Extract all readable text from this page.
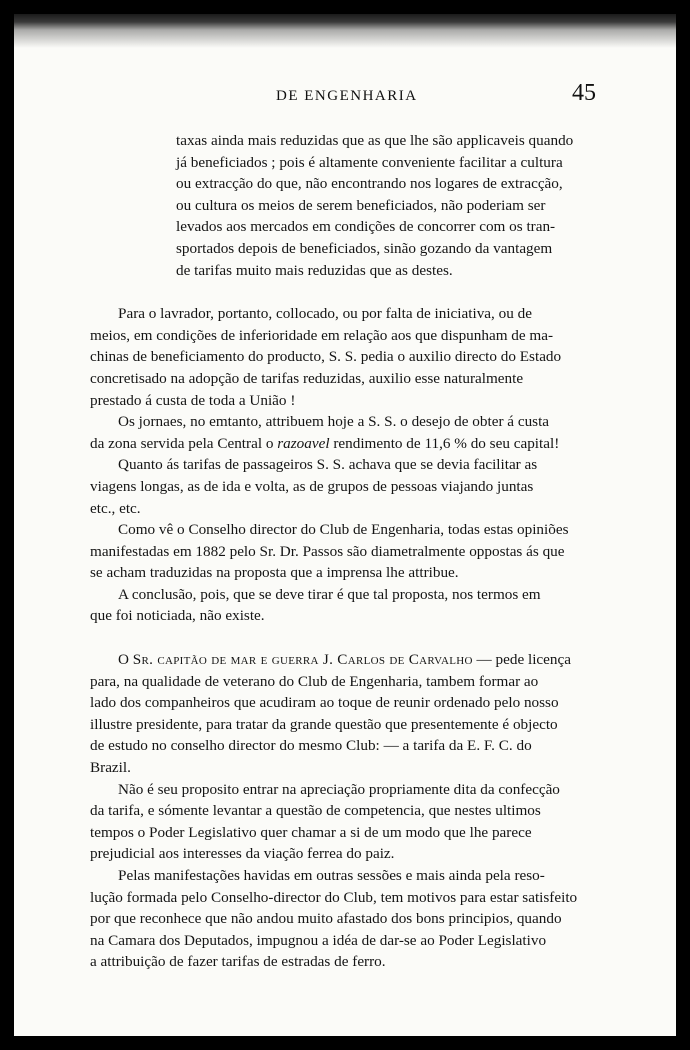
DE ENGENHARIA	45

taxas ainda mais reduzidas que as que lhe são applicaveis quando
já beneficiados ; pois é altamente conveniente facilitar a cultura
ou extracção do que, não encontrando nos logares de extracção,
ou cultura os meios de serem beneficiados, não poderiam ser
levados aos mercados em condições de concorrer com os tran-
sportados depois de beneficiados, sinão gozando da vantagem
de tarifas muito mais reduzidas que as destes.

Para o lavrador, portanto, collocado, ou por falta de iniciativa, ou de
meios, em condições de inferioridade em relação aos que dispunham de ma-
chinas de beneficiamento do producto, S. S. pedia o auxilio directo do Estado
concretisado na adopção de tarifas reduzidas, auxilio esse naturalmente
prestado á custa de toda a União !

Os jornaes, no emtanto, attribuem hoje a S. S. o desejo de obter á custa
da zona servida pela Central o razoavel rendimento de 11,6 % do seu capital!

Quanto ás tarifas de passageiros S. S. achava que se devia facilitar as
viagens longas, as de ida e volta, as de grupos de pessoas viajando juntas
etc., etc.

Como vê o Conselho director do Club de Engenharia, todas estas opiniões
manifestadas em 1882 pelo Sr. Dr. Passos são diametralmente oppostas ás que
se acham traduzidas na proposta que a imprensa lhe attribue.

A conclusão, pois, que se deve tirar é que tal proposta, nos termos em
que foi noticiada, não existe.

O Sr. capitão de mar e guerra J. Carlos de Carvalho — pede licença
para, na qualidade de veterano do Club de Engenharia, tambem formar ao
lado dos companheiros que acudiram ao toque de reunir ordenado pelo nosso
illustre presidente, para tratar da grande questão que presentemente é objecto
de estudo no conselho director do mesmo Club: — a tarifa da E. F. C. do
Brazil.

Não é seu proposito entrar na apreciação propriamente dita da confecção
da tarifa, e sómente levantar a questão de competencia, que nestes ultimos
tempos o Poder Legislativo quer chamar a si de um modo que lhe parece
prejudicial aos interesses da viação ferrea do paiz.

Pelas manifestações havidas em outras sessões e mais ainda pela reso-
lução formada pelo Conselho-director do Club, tem motivos para estar satisfeito
por que reconhece que não andou muito afastado dos bons principios, quando
na Camara dos Deputados, impugnou a idéa de dar-se ao Poder Legislativo
a attribuição de fazer tarifas de estradas de ferro.
